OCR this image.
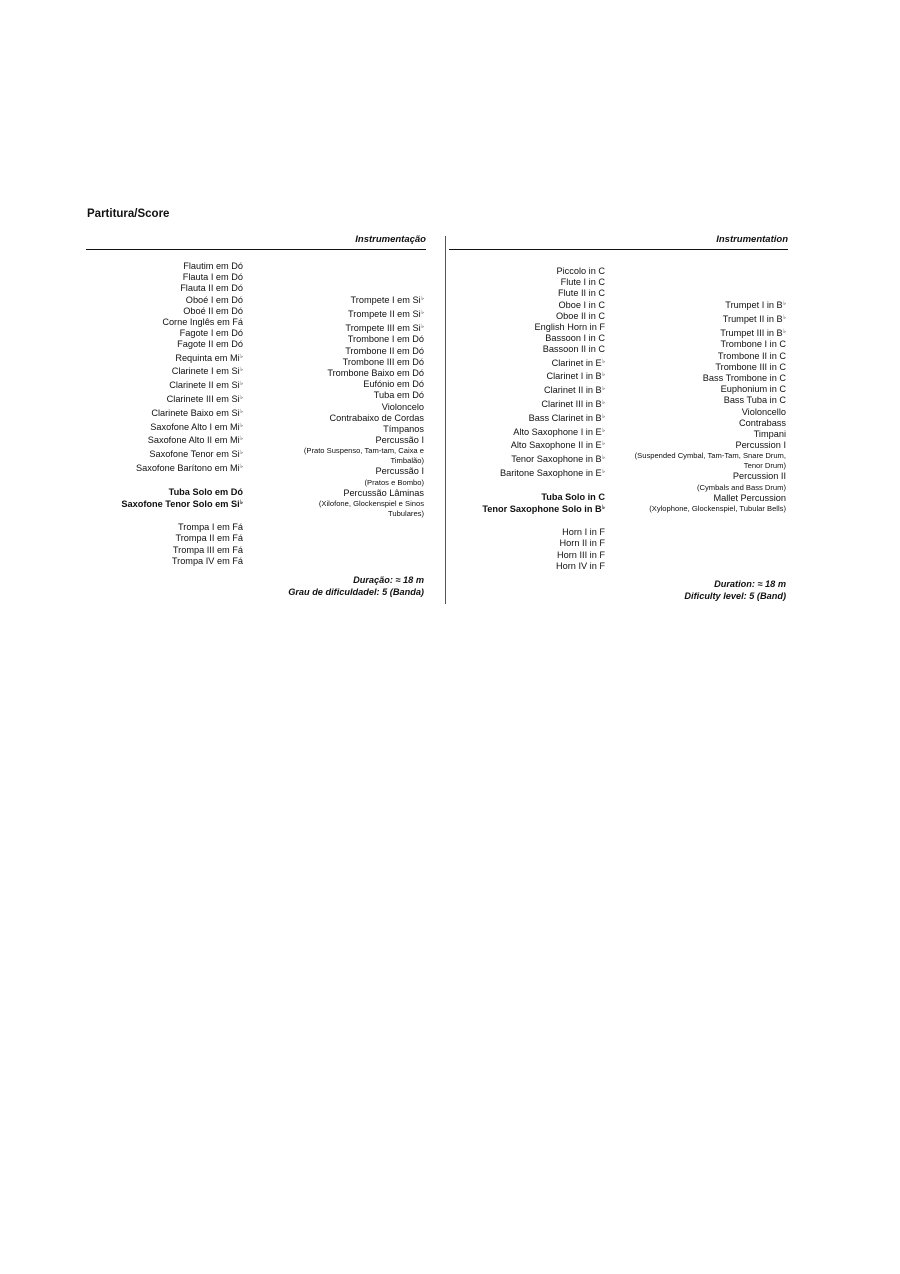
Partitura/Score
Instrumentação
Flautim em Dó
Flauta I em Dó
Flauta II em Dó
Oboé I em Dó
Oboé II em Dó
Corne Inglês em Fá
Fagote I em Dó
Fagote II em Dó
Requinta em Mi♭
Clarinete I em Si♭
Clarinete II em Si♭
Clarinete III em Si♭
Clarinete Baixo em Si♭
Saxofone Alto I em Mi♭
Saxofone Alto II em Mi♭
Saxofone Tenor em Si♭
Saxofone Barítono em Mi♭
Tuba Solo em Dó
Saxofone Tenor Solo em Si♭
Trompa I em Fá
Trompa II em Fá
Trompa III em Fá
Trompa IV em Fá
Trompete I em Si♭
Trompete II em Si♭
Trompete III em Si♭
Trombone I em Dó
Trombone II em Dó
Trombone III em Dó
Trombone Baixo em Dó
Eufónio em Dó
Tuba em Dó
Violoncelo
Contrabaixo de Cordas
Tímpanos
Percussão I
(Prato Suspenso, Tam-tam, Caixa e Timbalão)
Percussão I
(Pratos e Bombo)
Percussão Lâminas
(Xilofone, Glockenspiel e Sinos Tubulares)
Duração: ≈ 18 m
Grau de dificuldadel: 5 (Banda)
Instrumentation
Piccolo in C
Flute I in C
Flute II in C
Oboe I in C
Oboe II in C
English Horn in F
Bassoon I in C
Bassoon II in C
Clarinet in E♭
Clarinet I in B♭
Clarinet II in B♭
Clarinet III in B♭
Bass Clarinet in B♭
Alto Saxophone I in E♭
Alto Saxophone II in E♭
Tenor Saxophone in B♭
Baritone Saxophone in E♭
Tuba Solo in C
Tenor Saxophone Solo in B♭
Horn I in F
Horn II in F
Horn III in F
Horn IV in F
Trumpet I in B♭
Trumpet II in B♭
Trumpet III in B♭
Trombone I in C
Trombone II in C
Trombone III in C
Bass Trombone in C
Euphonium in C
Bass Tuba in C
Violoncello
Contrabass
Timpani
Percussion I
(Suspended Cymbal, Tam-Tam, Snare Drum, Tenor Drum)
Percussion II
(Cymbals and Bass Drum)
Mallet Percussion
(Xylophone, Glockenspiel, Tubular Bells)
Duration: ≈ 18 m
Dificulty level: 5 (Band)
